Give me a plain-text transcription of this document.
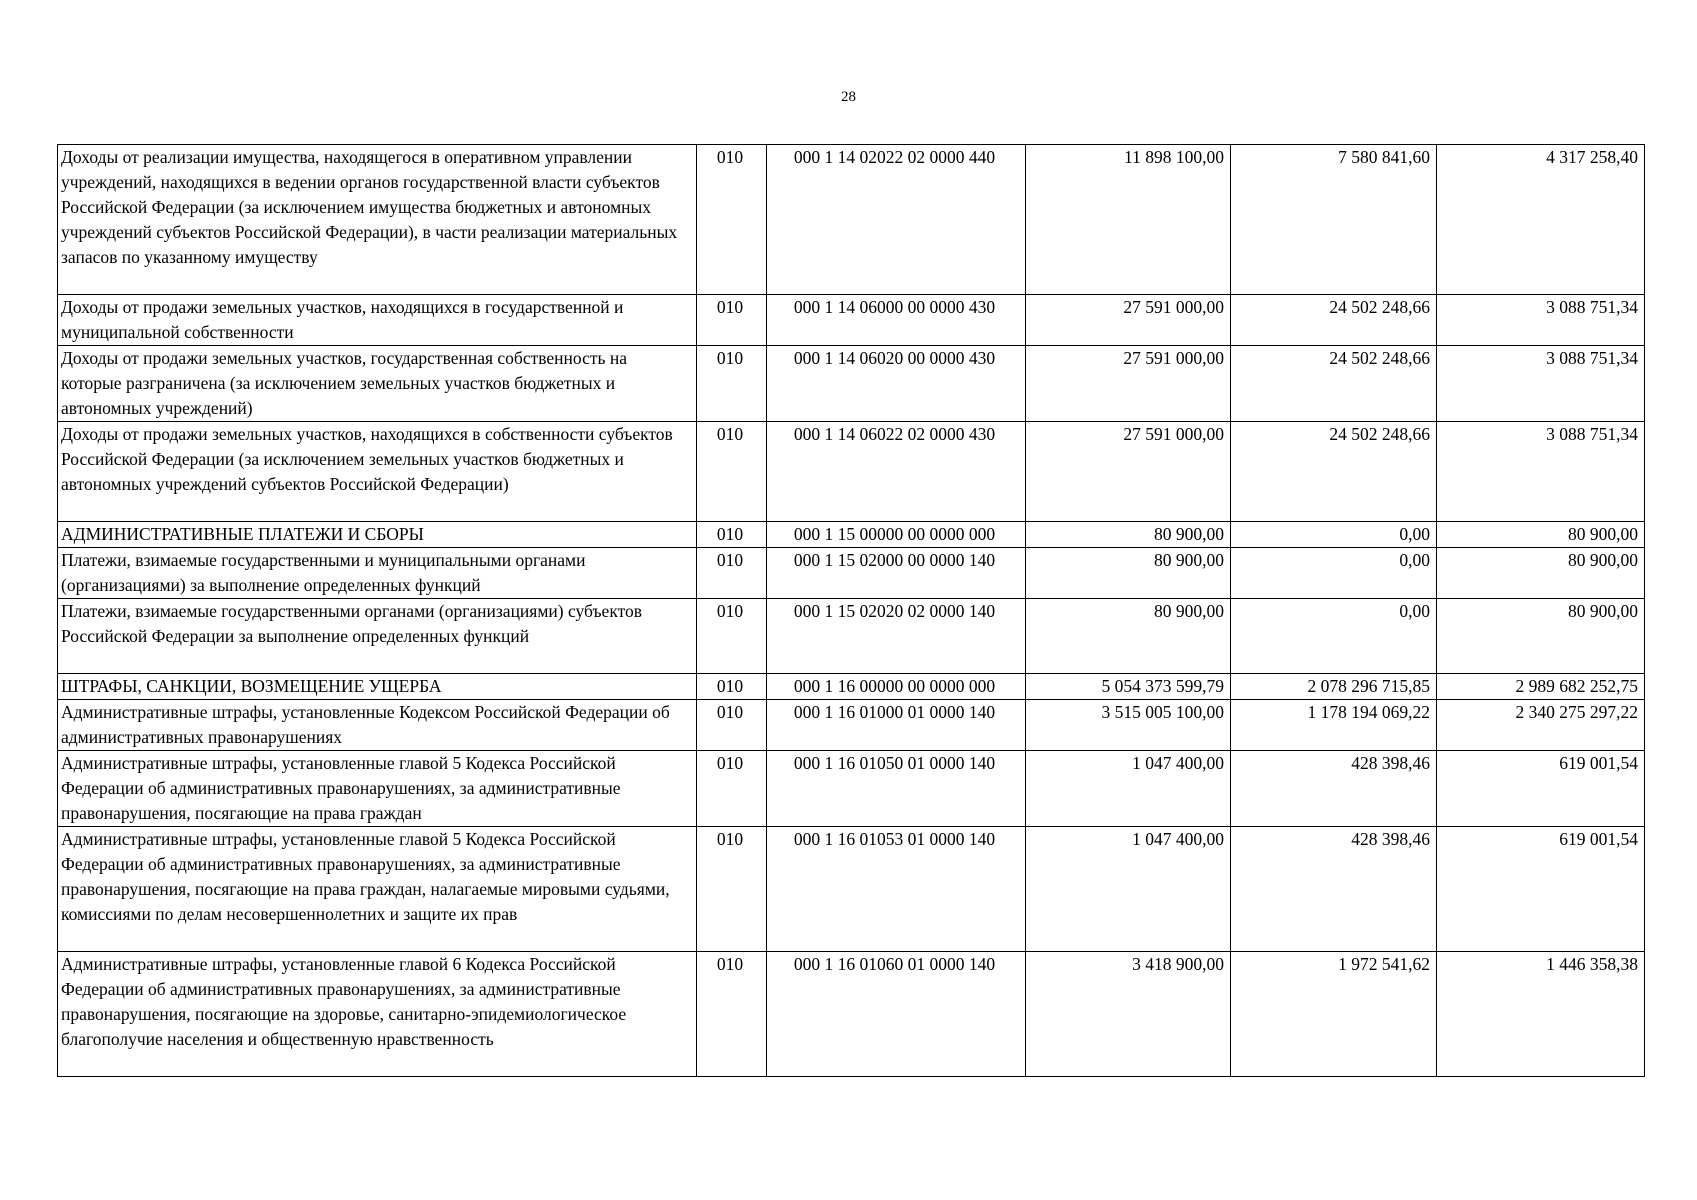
28
Доходы от реализации имущества, находящегося в оперативном управлении учреждений, находящихся в ведении органов государственной власти субъектов Российской Федерации (за исключением имущества бюджетных и автономных учреждений субъектов Российской Федерации), в части реализации материальных запасов по указанному имуществу	010	000 1 14 02022 02 0000 440	11 898 100,00	7 580 841,60	4 317 258,40
Доходы от продажи земельных участков, находящихся в государственной и муниципальной собственности	010	000 1 14 06000 00 0000 430	27 591 000,00	24 502 248,66	3 088 751,34
Доходы от продажи земельных участков, государственная собственность на которые разграничена (за исключением земельных участков бюджетных и автономных учреждений)	010	000 1 14 06020 00 0000 430	27 591 000,00	24 502 248,66	3 088 751,34
Доходы от продажи земельных участков, находящихся в собственности субъектов Российской Федерации (за исключением земельных участков бюджетных и автономных учреждений субъектов Российской Федерации)	010	000 1 14 06022 02 0000 430	27 591 000,00	24 502 248,66	3 088 751,34
АДМИНИСТРАТИВНЫЕ ПЛАТЕЖИ И СБОРЫ	010	000 1 15 00000 00 0000 000	80 900,00	0,00	80 900,00
Платежи, взимаемые государственными и муниципальными органами (организациями) за выполнение определенных функций	010	000 1 15 02000 00 0000 140	80 900,00	0,00	80 900,00
Платежи, взимаемые государственными органами (организациями) субъектов Российской Федерации за выполнение определенных функций	010	000 1 15 02020 02 0000 140	80 900,00	0,00	80 900,00
ШТРАФЫ, САНКЦИИ, ВОЗМЕЩЕНИЕ УЩЕРБА	010	000 1 16 00000 00 0000 000	5 054 373 599,79	2 078 296 715,85	2 989 682 252,75
Административные штрафы, установленные Кодексом Российской Федерации об административных правонарушениях	010	000 1 16 01000 01 0000 140	3 515 005 100,00	1 178 194 069,22	2 340 275 297,22
Административные штрафы, установленные главой 5 Кодекса Российской Федерации об административных правонарушениях, за административные правонарушения, посягающие на права граждан	010	000 1 16 01050 01 0000 140	1 047 400,00	428 398,46	619 001,54
Административные штрафы, установленные главой 5 Кодекса Российской Федерации об административных правонарушениях, за административные правонарушения, посягающие на права граждан, налагаемые мировыми судьями, комиссиями по делам несовершеннолетних и защите их прав	010	000 1 16 01053 01 0000 140	1 047 400,00	428 398,46	619 001,54
Административные штрафы, установленные главой 6 Кодекса Российской Федерации об административных правонарушениях, за административные правонарушения, посягающие на здоровье, санитарно-эпидемиологическое благополучие населения и общественную нравственность	010	000 1 16 01060 01 0000 140	3 418 900,00	1 972 541,62	1 446 358,38
